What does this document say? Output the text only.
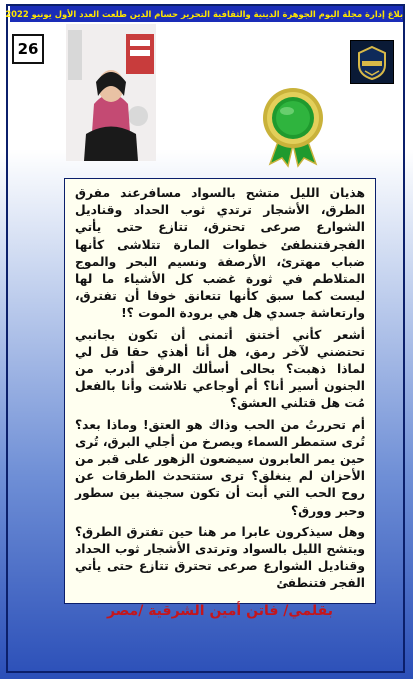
بلاغ إدارة مجلة اليوم الجوهرة الدينية والثقافية التحرير حسام الدين طلعت العدد الأول يونيو 2022
26

هذيان الليل متشح بالسواد مسافرعند مفرق الطرق، الأشجار ترتدي ثوب الحداد وقناديل الشوارع صرعى تحترق، تتازع حتى يأتي الفجرفتنطفئ خطوات المارة تتلاشى كأنها ضباب مهترئ، الأرصفة ونسيم البحر والموج المتلاطم في ثورة غضب كل الأشياء ما لها ليست كما سبق كأنها تتعانق خوفا أن تفترق، وارتعاشة جسدي هل هي برودة الموت ؟!

أشعر كأني أختنق أتمنى أن تكون بجانبي تحتضني لآخر رمق، هل أنا أهذي حقا قل لي لماذا ذهبت؟ بحالى أسألك الرفق أدرب من الجنون أسير أنا؟ أم أوجاعي تلاشت وأنا بالفعل مُت هل قتلني العشق؟

أم تحررتُ من الحب وذاك هو العتق! وماذا بعد؟ تُرى ستمطر السماء ويصرخ من أجلي البرق، تُرى حين يمر العابرون سيضعون الزهور على قبر من الأحزان لم ينغلق؟ ترى ستتحدث الطرقات عن روح الحب التي أبت أن تكون سجينة بين سطور وحبر وورق؟

وهل سيذكرون عابرا مر هنا حين تفترق الطرق؟ ويتشح الليل بالسواد وترتدى الأشجار ثوب الحداد وقناديل الشوارع صرعى تحترق تتازع حتى يأتي الفجر فتنطفئ

بقلمي/ فاتن أمين الشرقية /مصر
